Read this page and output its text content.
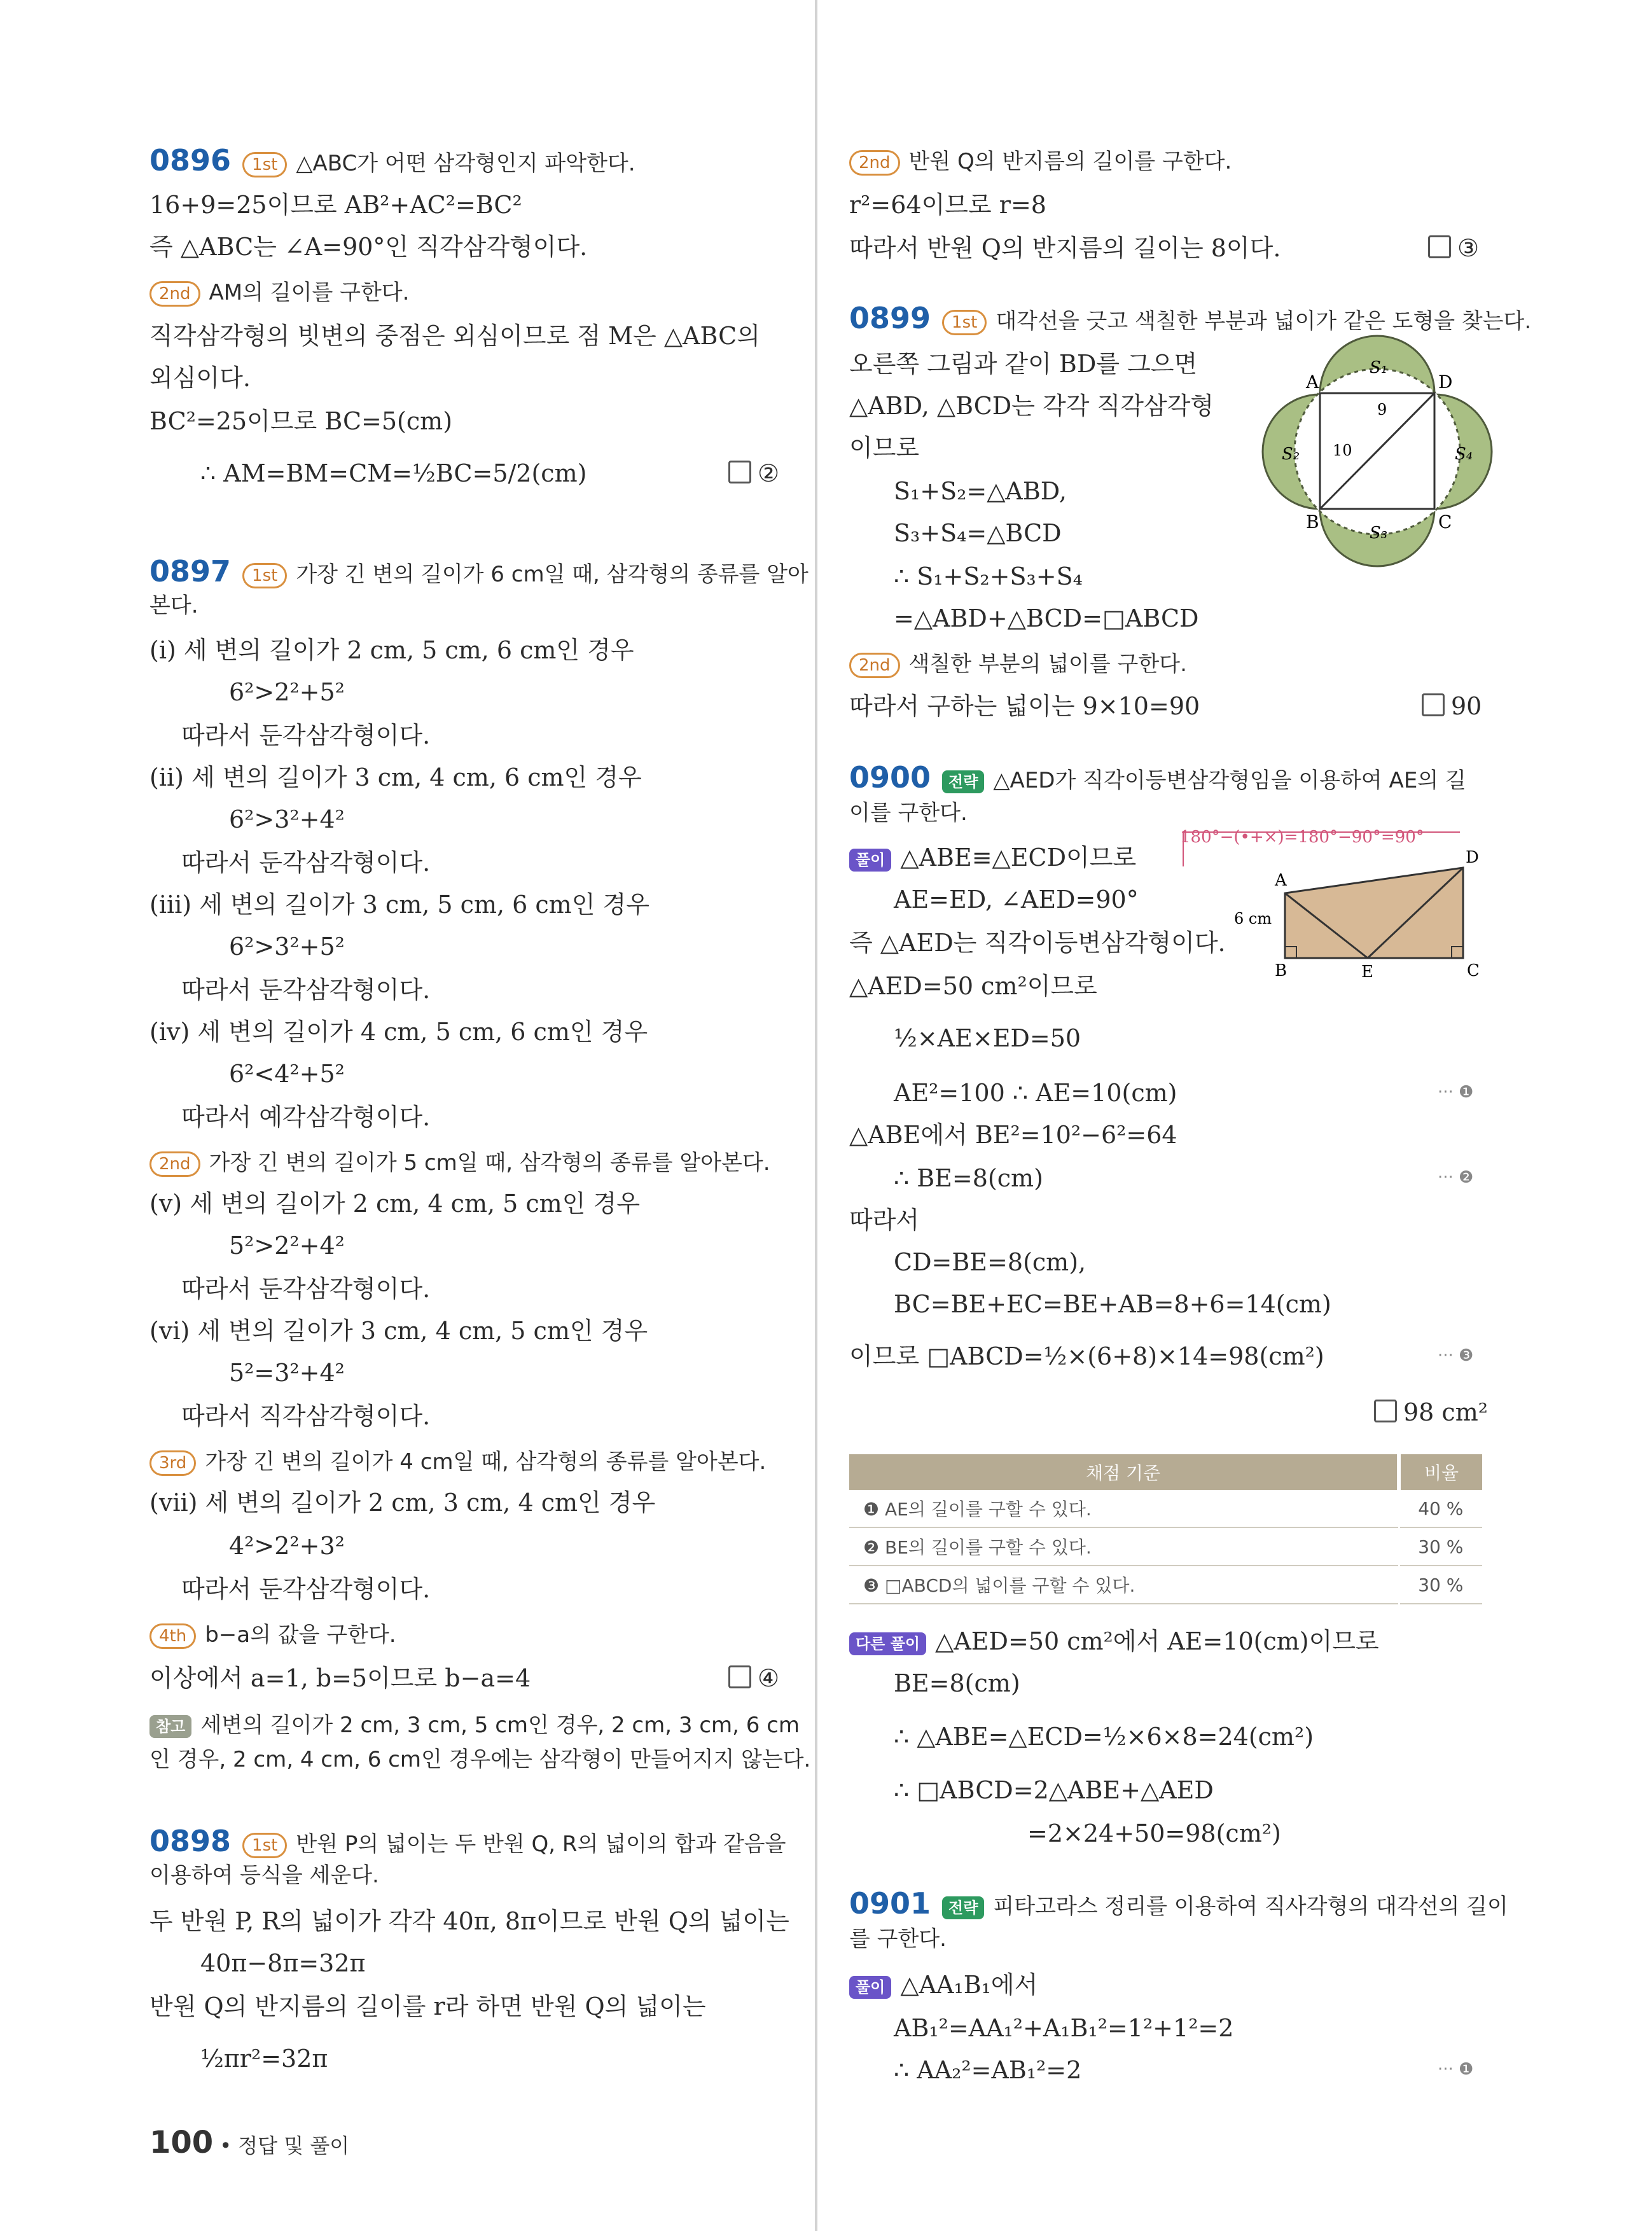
0896 1st △ABC가 어떤 삼각형인지 파악한다.
16+9=25이므로 AB²+AC²=BC²
즉 △ABC는 ∠A=90°인 직각삼각형이다.
2nd AM의 길이를 구한다.
직각삼각형의 빗변의 중점은 외심이므로 점 M은 △ABC의
외심이다.
BC²=25이므로 BC=5(cm)
∴ AM=BM=CM=½BC=5/2(cm)	②
0897 1st 가장 긴 변의 길이가 6 cm일 때, 삼각형의 종류를 알아
본다.
(ⅰ) 세 변의 길이가 2 cm, 5 cm, 6 cm인 경우
6²>2²+5²
따라서 둔각삼각형이다.
(ⅱ) 세 변의 길이가 3 cm, 4 cm, 6 cm인 경우
6²>3²+4²
따라서 둔각삼각형이다.
(ⅲ) 세 변의 길이가 3 cm, 5 cm, 6 cm인 경우
6²>3²+5²
따라서 둔각삼각형이다.
(ⅳ) 세 변의 길이가 4 cm, 5 cm, 6 cm인 경우
6²<4²+5²
따라서 예각삼각형이다.
2nd 가장 긴 변의 길이가 5 cm일 때, 삼각형의 종류를 알아본다.
(ⅴ) 세 변의 길이가 2 cm, 4 cm, 5 cm인 경우
5²>2²+4²
따라서 둔각삼각형이다.
(ⅵ) 세 변의 길이가 3 cm, 4 cm, 5 cm인 경우
5²=3²+4²
따라서 직각삼각형이다.
3rd 가장 긴 변의 길이가 4 cm일 때, 삼각형의 종류를 알아본다.
(ⅶ) 세 변의 길이가 2 cm, 3 cm, 4 cm인 경우
4²>2²+3²
따라서 둔각삼각형이다.
4th b−a의 값을 구한다.
이상에서 a=1, b=5이므로 b−a=4	④
참고 세변의 길이가 2 cm, 3 cm, 5 cm인 경우, 2 cm, 3 cm, 6 cm
인 경우, 2 cm, 4 cm, 6 cm인 경우에는 삼각형이 만들어지지 않는다.
0898 1st 반원 P의 넓이는 두 반원 Q, R의 넓이의 합과 같음을
이용하여 등식을 세운다.
두 반원 P, R의 넓이가 각각 40π, 8π이므로 반원 Q의 넓이는
40π−8π=32π
반원 Q의 반지름의 길이를 r라 하면 반원 Q의 넓이는
½πr²=32π
2nd 반원 Q의 반지름의 길이를 구한다.
r²=64이므로 r=8
따라서 반원 Q의 반지름의 길이는 8이다.	③
0899 1st 대각선을 긋고 색칠한 부분과 넓이가 같은 도형을 찾는다.
오른쪽 그림과 같이 BD를 그으면
△ABD, △BCD는 각각 직각삼각형
이므로
S₁+S₂=△ABD,
S₃+S₄=△BCD
∴ S₁+S₂+S₃+S₄
=△ABD+△BCD=□ABCD
2nd 색칠한 부분의 넓이를 구한다.
따라서 구하는 넓이는 9×10=90	90
A	D
B	C
S₁
S₂
S₃
S₄
9
10
0900 전략 △AED가 직각이등변삼각형임을 이용하여 AE의 길
이를 구한다.
풀이 △ABE≡△ECD이므로
180°−(•+×)=180°−90°=90°
AE=ED, ∠AED=90°
즉 △AED는 직각이등변삼각형이다.
△AED=50 cm²이므로
½×AE×ED=50
AE²=100 ∴ AE=10(cm)	··· ❶
△ABE에서 BE²=10²−6²=64
∴ BE=8(cm)	··· ❷
따라서
CD=BE=8(cm),
BC=BE+EC=BE+AB=8+6=14(cm)
이므로 □ABCD=½×(6+8)×14=98(cm²)	··· ❸
98 cm²
A
B	C
D
E
6 cm
채점 기준	비율
❶ AE의 길이를 구할 수 있다.	40 %
❷ BE의 길이를 구할 수 있다.	30 %
❸ □ABCD의 넓이를 구할 수 있다.	30 %
다른 풀이 △AED=50 cm²에서 AE=10(cm)이므로
BE=8(cm)
∴ △ABE=△ECD=½×6×8=24(cm²)
∴ □ABCD=2△ABE+△AED
=2×24+50=98(cm²)
0901 전략 피타고라스 정리를 이용하여 직사각형의 대각선의 길이
를 구한다.
풀이 △AA₁B₁에서
AB₁²=AA₁²+A₁B₁²=1²+1²=2
∴ AA₂²=AB₁²=2	··· ❶
100 • 정답 및 풀이
